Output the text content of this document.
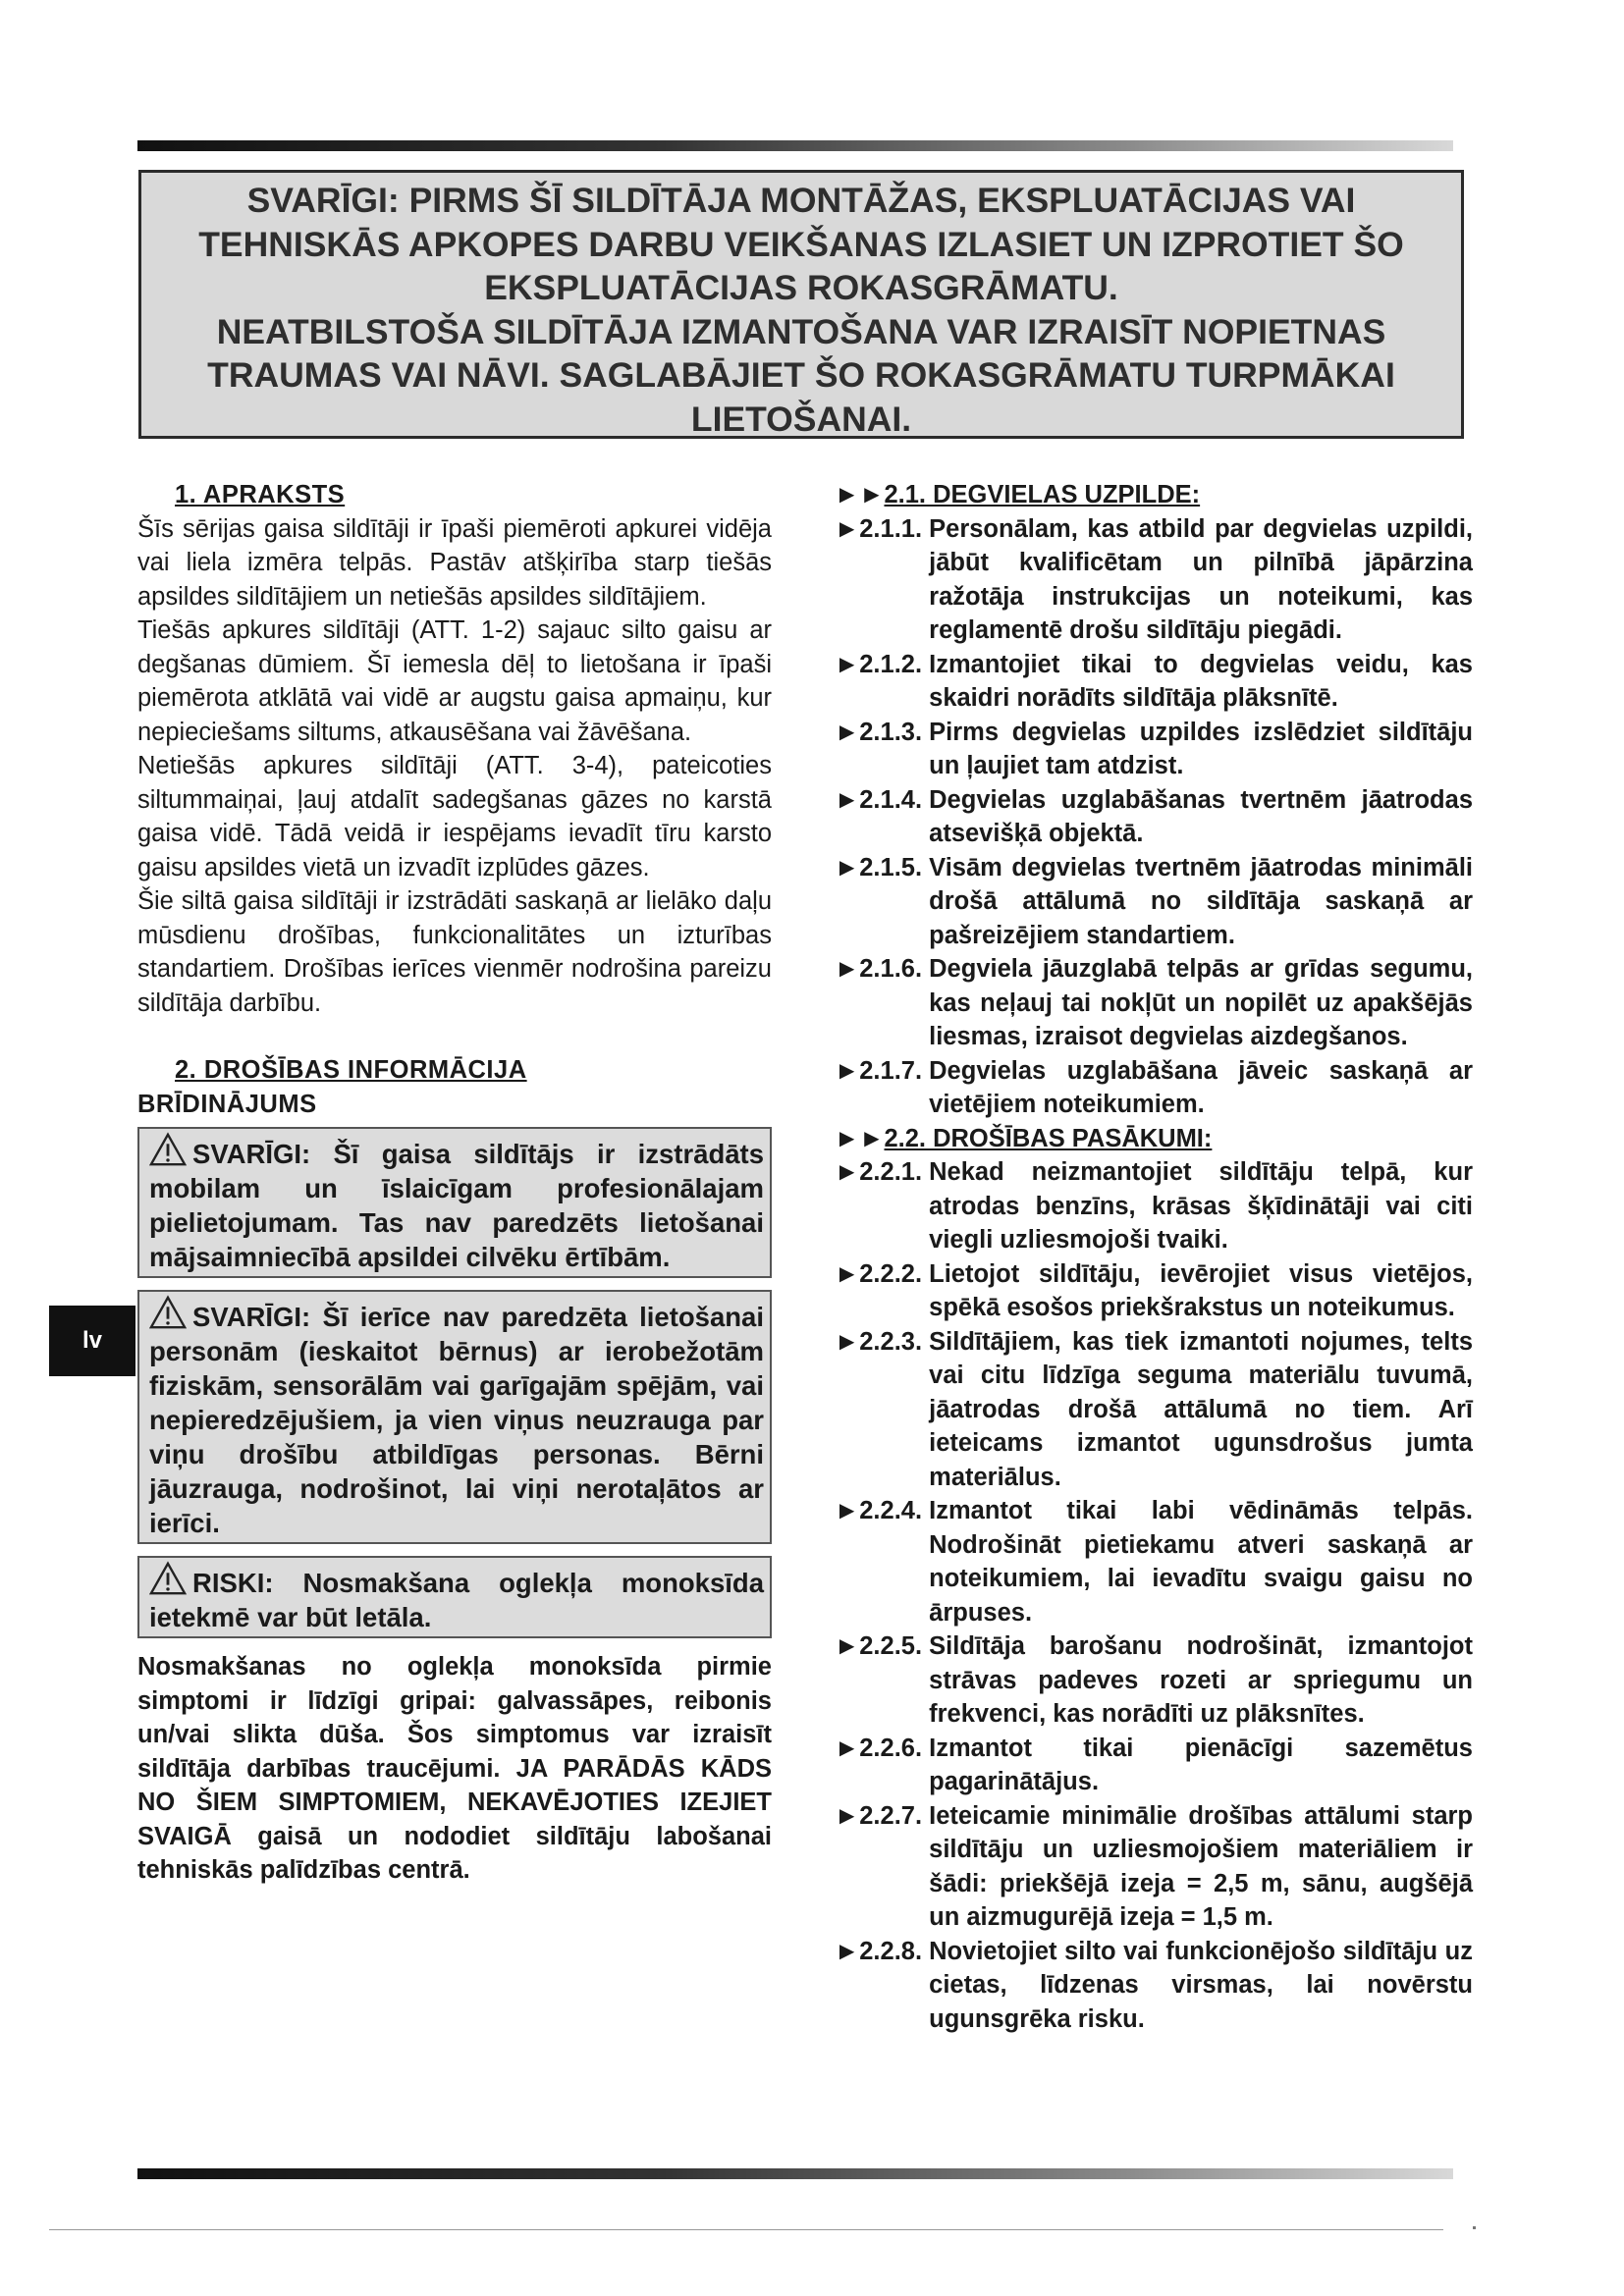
SVARĪGI: PIRMS ŠĪ SILDĪTĀJA MONTĀŽAS, EKSPLUATĀCIJAS VAI

TEHNISKĀS APKOPES DARBU VEIKŠANAS IZLASIET UN IZPROTIET ŠO

EKSPLUATĀCIJAS ROKASGRĀMATU.

NEATBILSTOŠA SILDĪTĀJA IZMANTOŠANA VAR IZRAISĪT NOPIETNAS

TRAUMAS VAI NĀVI. SAGLABĀJIET ŠO ROKASGRĀMATU TURPMĀKAI

LIETOŠANAI.

1. APRAKSTS

Šīs sērijas gaisa sildītāji ir īpaši piemēroti apkurei vidēja vai liela izmēra telpās. Pastāv atšķirība starp tiešās apsildes sildītājiem un netiešās apsildes sildītājiem.

Tiešās apkures sildītāji (ATT. 1-2) sajauc silto gaisu ar degšanas dūmiem. Šī iemesla dēļ to lietošana ir īpaši piemērota atklātā vai vidē ar augstu gaisa apmaiņu, kur nepieciešams siltums, atkausēšana vai žāvēšana.

Netiešās apkures sildītāji (ATT. 3-4), pateicoties siltummaiņai, ļauj atdalīt sadegšanas gāzes no karstā gaisa vidē. Tādā veidā ir iespējams ievadīt tīru karsto gaisu apsildes vietā un izvadīt izplūdes gāzes.

Šie siltā gaisa sildītāji ir izstrādāti saskaņā ar lielāko daļu mūsdienu drošības, funkcionalitātes un izturības standartiem. Drošības ierīces vienmēr nodrošina pareizu sildītāja darbību.

2. DROŠĪBAS INFORMĀCIJA
BRĪDINĀJUMS
SVARĪGI: Šī gaisa sildītājs ir izstrādāts mobilam un īslaicīgam profesionālajam pielietojumam. Tas nav paredzēts lietošanai mājsaimniecībā apsildei cilvēku ērtībām.
SVARĪGI: Šī ierīce nav paredzēta lietošanai personām (ieskaitot bērnus) ar ierobežotām fiziskām, sensorālām vai garīgajām spējām, vai nepieredzējušiem, ja vien viņus neuzrauga par viņu drošību atbildīgas personas. Bērni jāuzrauga, nodrošinot, lai viņi nerotaļātos ar ierīci.
RISKI: Nosmakšana oglekļa monoksīda ietekmē var būt letāla.

Nosmakšanas no oglekļa monoksīda pirmie simptomi ir līdzīgi gripai: galvassāpes, reibonis un/vai slikta dūša. Šos simptomus var izraisīt sildītāja darbības traucējumi. JA PARĀDĀS KĀDS NO ŠIEM SIMPTOMIEM, NEKAVĒJOTIES IZEJIET SVAIGĀ gaisā un nododiet sildītāju labošanai tehniskās palīdzības centrā.

►►2.1. DEGVIELAS UZPILDE:
► 2.1.1. Personālam, kas atbild par degvielas uzpildi, jābūt kvalificētam un pilnībā jāpārzina ražotāja instrukcijas un noteikumi, kas reglamentē drošu sildītāju piegādi.
► 2.1.2. Izmantojiet tikai to degvielas veidu, kas skaidri norādīts sildītāja plāksnītē.
► 2.1.3. Pirms degvielas uzpildes izslēdziet sildītāju un ļaujiet tam atdzist.
► 2.1.4. Degvielas uzglabāšanas tvertnēm jāatrodas atsevišķā objektā.
► 2.1.5. Visām degvielas tvertnēm jāatrodas minimāli drošā attālumā no sildītāja saskaņā ar pašreizējiem standartiem.
► 2.1.6. Degviela jāuzglabā telpās ar grīdas segumu, kas neļauj tai nokļūt un nopilēt uz apakšējās liesmas, izraisot degvielas aizdegšanos.
► 2.1.7. Degvielas uzglabāšana jāveic saskaņā ar vietējiem noteikumiem.
►►2.2. DROŠĪBAS PASĀKUMI:
► 2.2.1. Nekad neizmantojiet sildītāju telpā, kur atrodas benzīns, krāsas šķīdinātāji vai citi viegli uzliesmojoši tvaiki.
► 2.2.2. Lietojot sildītāju, ievērojiet visus vietējos, spēkā esošos priekšrakstus un noteikumus.
► 2.2.3. Sildītājiem, kas tiek izmantoti nojumes, telts vai citu līdzīga seguma materiālu tuvumā, jāatrodas drošā attālumā no tiem. Arī ieteicams izmantot ugunsdrošus jumta materiālus.
► 2.2.4. Izmantot tikai labi vēdināmās telpās. Nodrošināt pietiekamu atveri saskaņā ar noteikumiem, lai ievadītu svaigu gaisu no ārpuses.
► 2.2.5. Sildītāja barošanu nodrošināt, izmantojot strāvas padeves rozeti ar spriegumu un frekvenci, kas norādīti uz plāksnītes.
► 2.2.6. Izmantot tikai pienācīgi sazemētus pagarinātājus.
► 2.2.7. Ieteicamie minimālie drošības attālumi starp sildītāju un uzliesmojošiem materiāliem ir šādi: priekšējā izeja = 2,5 m, sānu, augšējā un aizmugurējā izeja = 1,5 m.
► 2.2.8. Novietojiet silto vai funkcionējošo sildītāju uz cietas, līdzenas virsmas, lai novērstu ugunsgrēka risku.
lv
